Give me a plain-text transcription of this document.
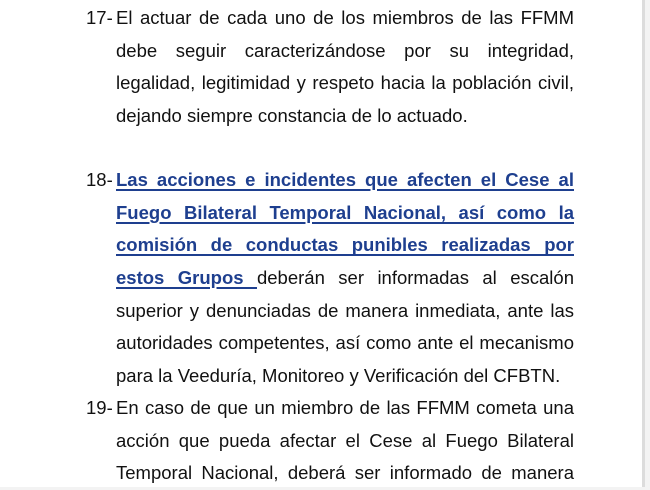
17- El actuar de cada uno de los miembros de las FFMM
debe seguir caracterizándose por su integridad,
legalidad, legitimidad y respeto hacia la población civil,
dejando siempre constancia de lo actuado.
18- Las acciones e incidentes que afecten el Cese al
Fuego Bilateral Temporal Nacional, así como la
comisión de conductas punibles realizadas por
estos Grupos deberán ser informadas al escalón
superior y denunciadas de manera inmediata, ante las
autoridades competentes, así como ante el mecanismo
para la Veeduría, Monitoreo y Verificación del CFBTN.
19- En caso de que un miembro de las FFMM cometa una
acción que pueda afectar el Cese al Fuego Bilateral
Temporal Nacional, deberá ser informado de manera
